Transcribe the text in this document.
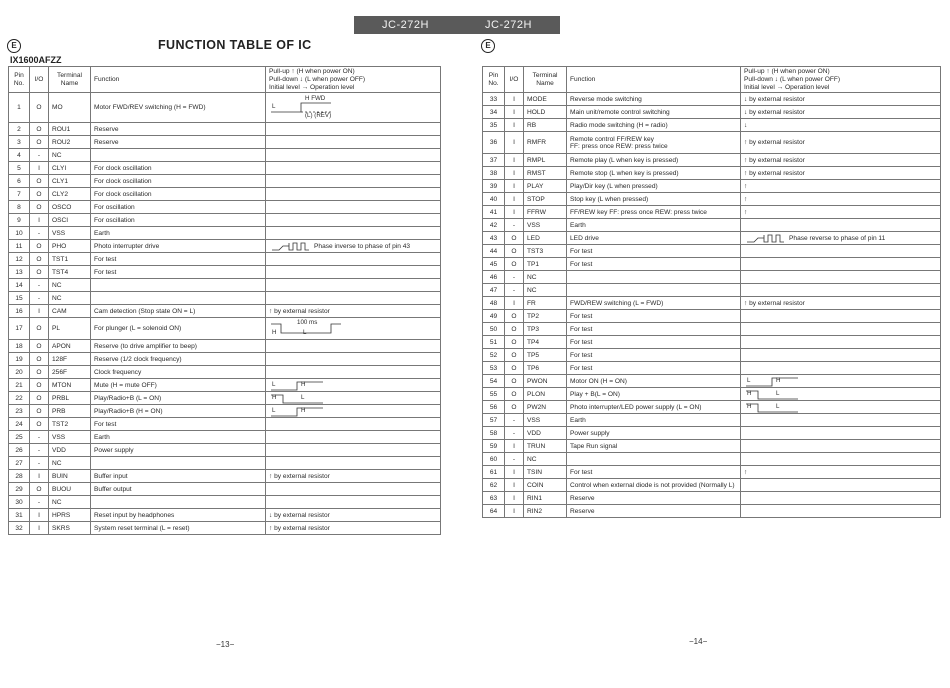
JC-272H	JC-272H
E	E
FUNCTION TABLE OF IC
IX1600AFZZ
Pin No.	I/O	Terminal Name	Function	Pull-up ↑ (H when power ON)
Pull-down ↓ (L when power OFF)
Initial level → Operation level

1	O	MO	Motor FWD/REV switching (H = FWD)	H FWD
L
(L) (REV)

2	O	ROU1	Reserve	
3	O	ROU2	Reserve	
4	-	NC		
5	I	CLYI	For clock oscillation	
6	O	CLY1	For clock oscillation	
7	O	CLY2	For clock oscillation	
8	O	OSCO	For oscillation	
9	I	OSCI	For oscillation	
10	-	VSS	Earth	
11	O	PHO	Photo interrupter drive	Phase inverse to phase of pin 43

12	O	TST1	For test	
13	O	TST4	For test	
14	-	NC		
15	-	NC		
16	I	CAM	Cam detection (Stop state ON = L)	↑ by external resistor
17	O	PL	For plunger (L = solenoid ON)	100 ms
H L

18	O	APON	Reserve (to drive amplifier to beep)	
19	O	128F	Reserve (1/2 clock frequency)	
20	O	256F	Clock frequency	
21	O	MTON	Mute (H = mute OFF)	L H

22	O	PRBL	Play/Radio+B (L = ON)	H L

23	O	PRB	Play/Radio+B (H = ON)	L H

24	O	TST2	For test	
25	-	VSS	Earth	
26	-	VDD	Power supply	
27	-	NC		
28	I	BUIN	Buffer input	↑ by external resistor
29	O	BUOU	Buffer output	
30	-	NC		
31	I	HPRS	Reset input by headphones	↓ by external resistor
32	I	SKRS	System reset terminal (L = reset)	↑ by external resistor
Pin No.	I/O	Terminal Name	Function	Pull-up ↑ (H when power ON)
Pull-down ↓ (L when power OFF)
Initial level → Operation level

33	I	MODE	Reverse mode switching	↓ by external resistor
34	I	HOLD	Main unit/remote control switching	↓ by external resistor
35	I	RB	Radio mode switching (H = radio)	↓
36	I	RMFR	Remote control FF/REW key
FF: press once REW: press twice	↑ by external resistor
37	I	RMPL	Remote play (L when key is pressed)	↑ by external resistor
38	I	RMST	Remote stop (L when key is pressed)	↑ by external resistor
39	I	PLAY	Play/Dir key (L when pressed)	↑
40	I	STOP	Stop key (L when pressed)	↑
41	I	FFRW	FF/REW key FF: press once REW: press twice	↑
42	-	VSS	Earth	
43	O	LED	LED drive	Phase reverse to phase of pin 11

44	O	TST3	For test	
45	O	TP1	For test	
46	-	NC		
47	-	NC		
48	I	FR	FWD/REW switching (L = FWD)	↑ by external resistor
49	O	TP2	For test	
50	O	TP3	For test	
51	O	TP4	For test	
52	O	TP5	For test	
53	O	TP6	For test	
54	O	PWON	Motor ON (H = ON)	L H

55	O	PLON	Play + B(L = ON)	H L

56	O	PW2N	Photo interrupter/LED power supply (L = ON)	H L

57	-	VSS	Earth	
58	-	VDD	Power supply	
59	I	TRUN	Tape Run signal	
60	-	NC		
61	I	TSIN	For test	↑
62	I	COIN	Control when external diode is not provided (Normally L)	
63	I	RIN1	Reserve	
64	I	RIN2	Reserve	
−13−	−14−
